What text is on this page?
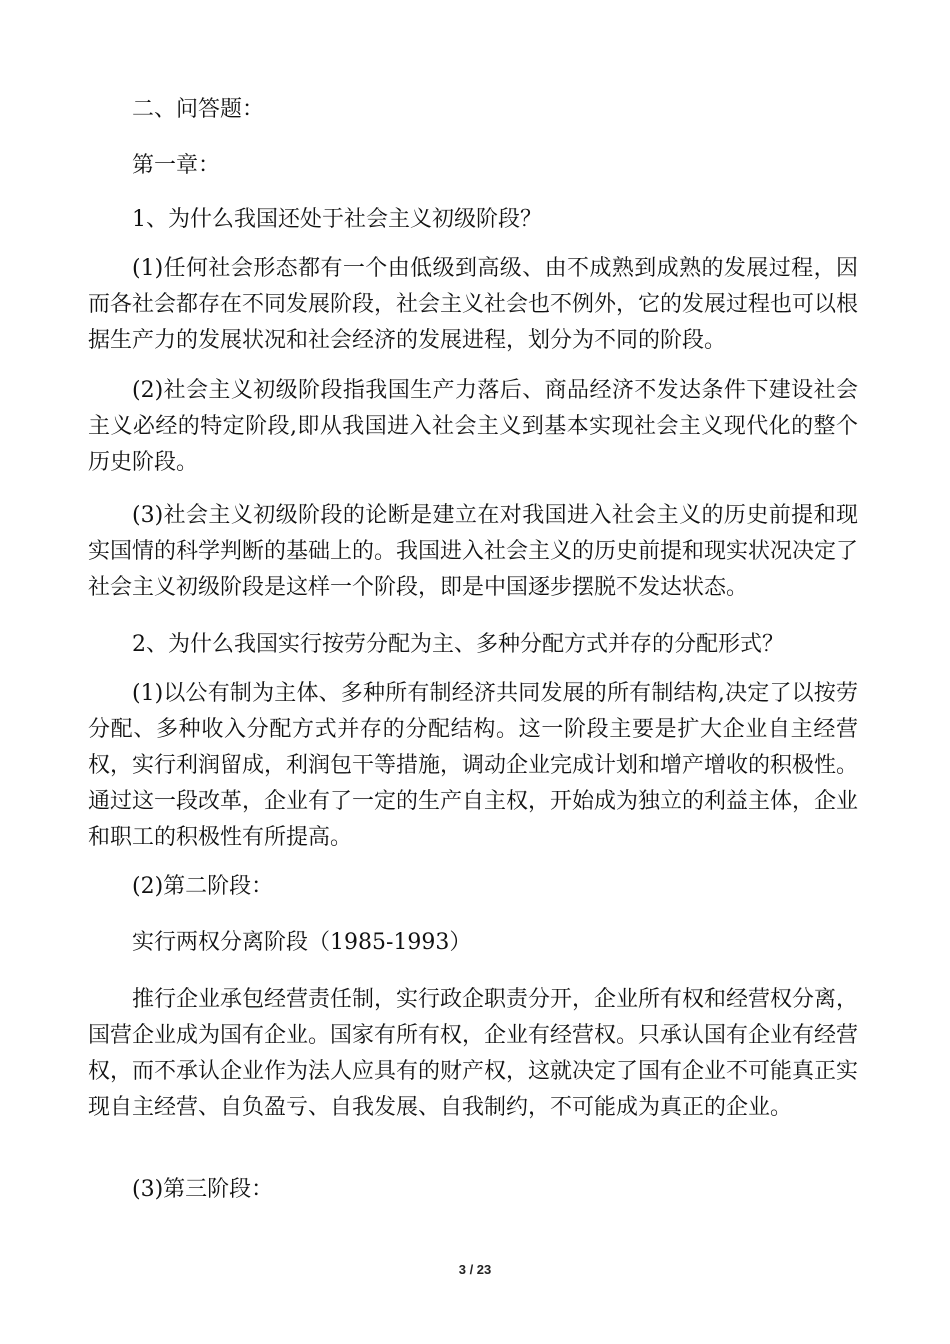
二、问答题：

第一章：

1、为什么我国还处于社会主义初级阶段？

(1)任何社会形态都有一个由低级到高级、由不成熟到成熟的发展过程，因而各社会都存在不同发展阶段，社会主义社会也不例外，它的发展过程也可以根据生产力的发展状况和社会经济的发展进程，划分为不同的阶段。

(2)社会主义初级阶段指我国生产力落后、商品经济不发达条件下建设社会主义必经的特定阶段,即从我国进入社会主义到基本实现社会主义现代化的整个历史阶段。

(3)社会主义初级阶段的论断是建立在对我国进入社会主义的历史前提和现实国情的科学判断的基础上的。我国进入社会主义的历史前提和现实状况决定了社会主义初级阶段是这样一个阶段，即是中国逐步摆脱不发达状态。

2、为什么我国实行按劳分配为主、多种分配方式并存的分配形式？

(1)以公有制为主体、多种所有制经济共同发展的所有制结构,决定了以按劳分配、多种收入分配方式并存的分配结构。这一阶段主要是扩大企业自主经营权，实行利润留成，利润包干等措施，调动企业完成计划和增产增收的积极性。通过这一段改革，企业有了一定的生产自主权，开始成为独立的利益主体，企业和职工的积极性有所提高。

(2)第二阶段：

实行两权分离阶段（1985-1993）

推行企业承包经营责任制，实行政企职责分开，企业所有权和经营权分离，国营企业成为国有企业。国家有所有权，企业有经营权。只承认国有企业有经营权，而不承认企业作为法人应具有的财产权，这就决定了国有企业不可能真正实现自主经营、自负盈亏、自我发展、自我制约，不可能成为真正的企业。

(3)第三阶段：

3 / 23
